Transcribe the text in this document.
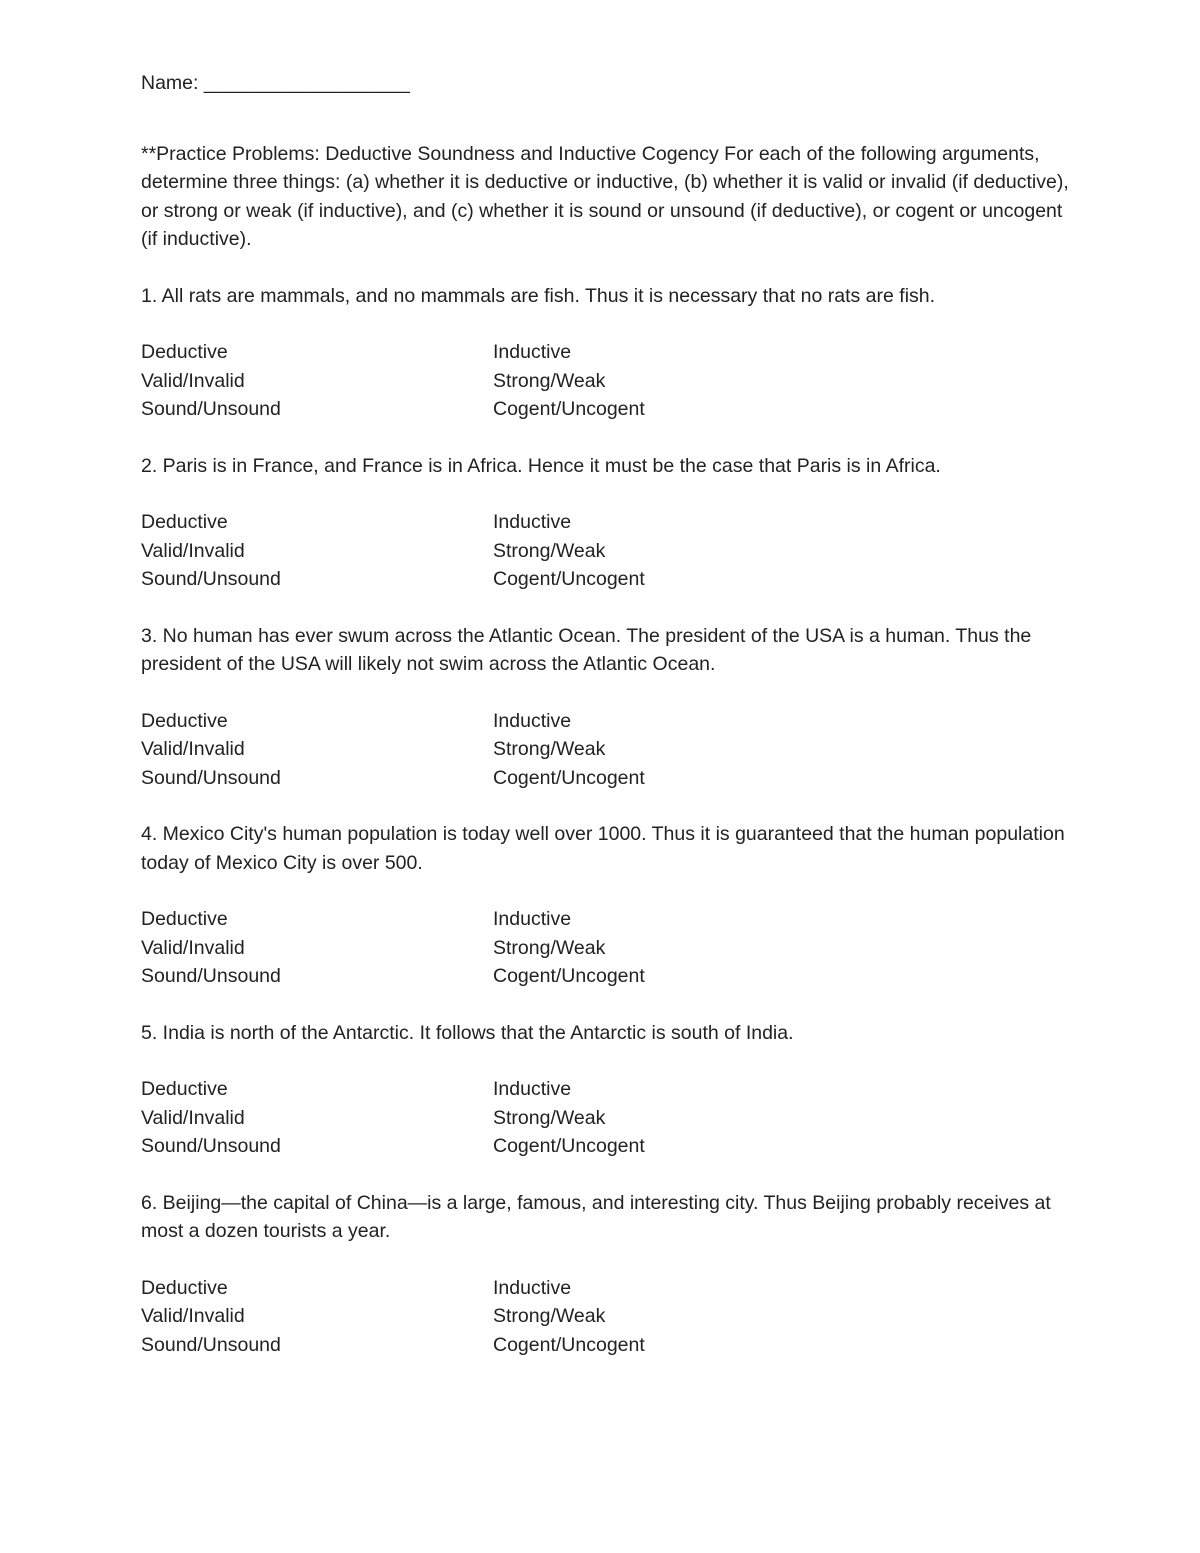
Name: ___________________

**Practice Problems: Deductive Soundness and Inductive Cogency For each of the following arguments, determine three things: (a) whether it is deductive or inductive, (b) whether it is valid or invalid (if deductive), or strong or weak (if inductive), and (c) whether it is sound or unsound (if deductive), or cogent or uncogent (if inductive).

1. All rats are mammals, and no mammals are fish. Thus it is necessary that no rats are fish.

Deductive	Inductive
Valid/Invalid	Strong/Weak
Sound/Unsound	Cogent/Uncogent

2. Paris is in France, and France is in Africa. Hence it must be the case that Paris is in Africa.

Deductive	Inductive
Valid/Invalid	Strong/Weak
Sound/Unsound	Cogent/Uncogent

3. No human has ever swum across the Atlantic Ocean. The president of the USA is a human. Thus the president of the USA will likely not swim across the Atlantic Ocean.

Deductive	Inductive
Valid/Invalid	Strong/Weak
Sound/Unsound	Cogent/Uncogent

4. Mexico City's human population is today well over 1000. Thus it is guaranteed that the human population today of Mexico City is over 500.

Deductive	Inductive
Valid/Invalid	Strong/Weak
Sound/Unsound	Cogent/Uncogent

5. India is north of the Antarctic. It follows that the Antarctic is south of India.

Deductive	Inductive
Valid/Invalid	Strong/Weak
Sound/Unsound	Cogent/Uncogent

6. Beijing—the capital of China—is a large, famous, and interesting city. Thus Beijing probably receives at most a dozen tourists a year.

Deductive	Inductive
Valid/Invalid	Strong/Weak
Sound/Unsound	Cogent/Uncogent
